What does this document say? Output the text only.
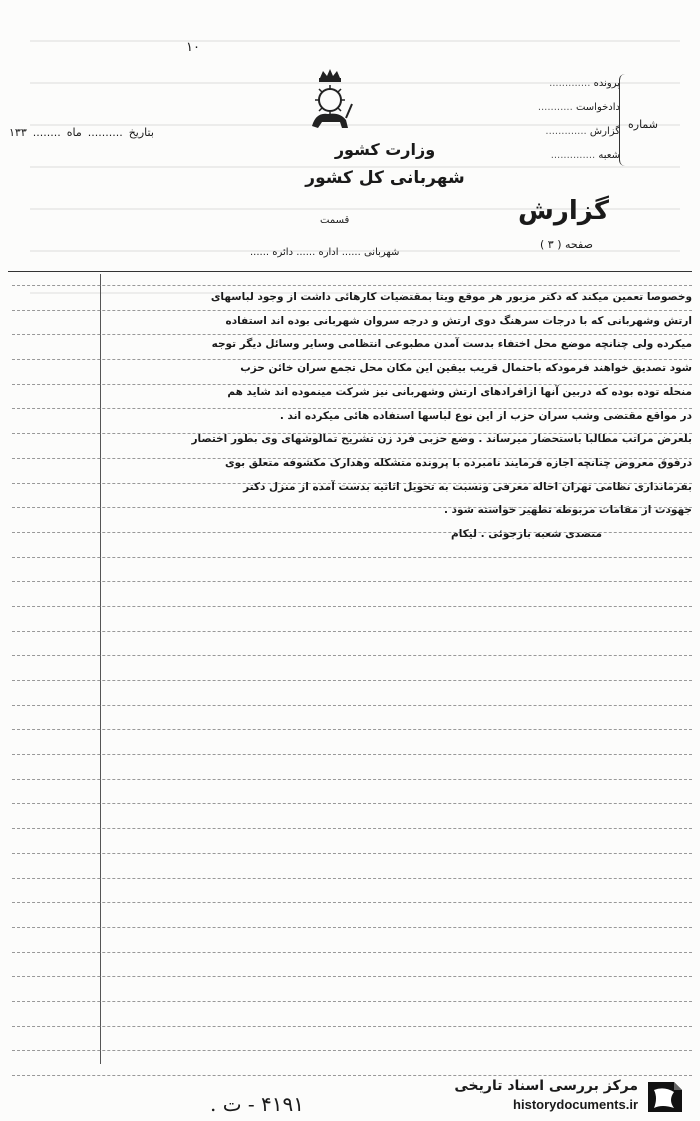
۱۰
بتاریخ..........ماه........۱۳۳
وزارت کشور
شهربانی کل کشور
قسمت
شهربانی ...... اداره ...... دائره ......
پرونده .............
دادخواست ...........
گزارش .............
شعبه ..............
شماره
گزارش
صفحه ( ۳ )
وخصوصا تعمین میکند که دکتر مزبور هر موقع ویتا بمقتضیات کارهائی داشت از وجود لباسهای
ارتش وشهربانی که با درجات سرهنگ دوی ارتش و درجه سروان شهربانی بوده اند استفاده
میکرده ولی چنانچه موضع محل اختفاء بدست آمدن مطبوعی انتظامی وسایر وسائل دیگر توجه
شود تصدیق خواهند فرمودکه باحتمال قریب بیقین این مکان محل تجمع سران خائن حزب
منحله توده بوده که دربین آنها ازافرادهای ارتش وشهربانی نیز شرکت مینموده اند شاید هم
در مواقع مقتضی وشب سران حزب از این نوع لباسها استفاده هائی میکرده اند .
بلعرض مراتب مطالبا باستحضار میرساند . وضع حزبی فرد زن تشریح تمالوشهای وی بطور اختصار
درفوق معروض چنانچه اجازه فرمایند نامبرده با پرونده متشکله وهدارک مکشوفه متعلق بوی
بفرمانداری نظامی تهران احاله معرفی ونسبت به تحویل اثاثیه بدست آمده از منزل دکتر
جهودت از مقامات مربوطه تطهیر خواسته شود .
متصدی شعبه بازجوئی . لیکام
۴۱۹۱ - ت .
مرکز بررسی اسناد تاریخی
historydocuments.ir
